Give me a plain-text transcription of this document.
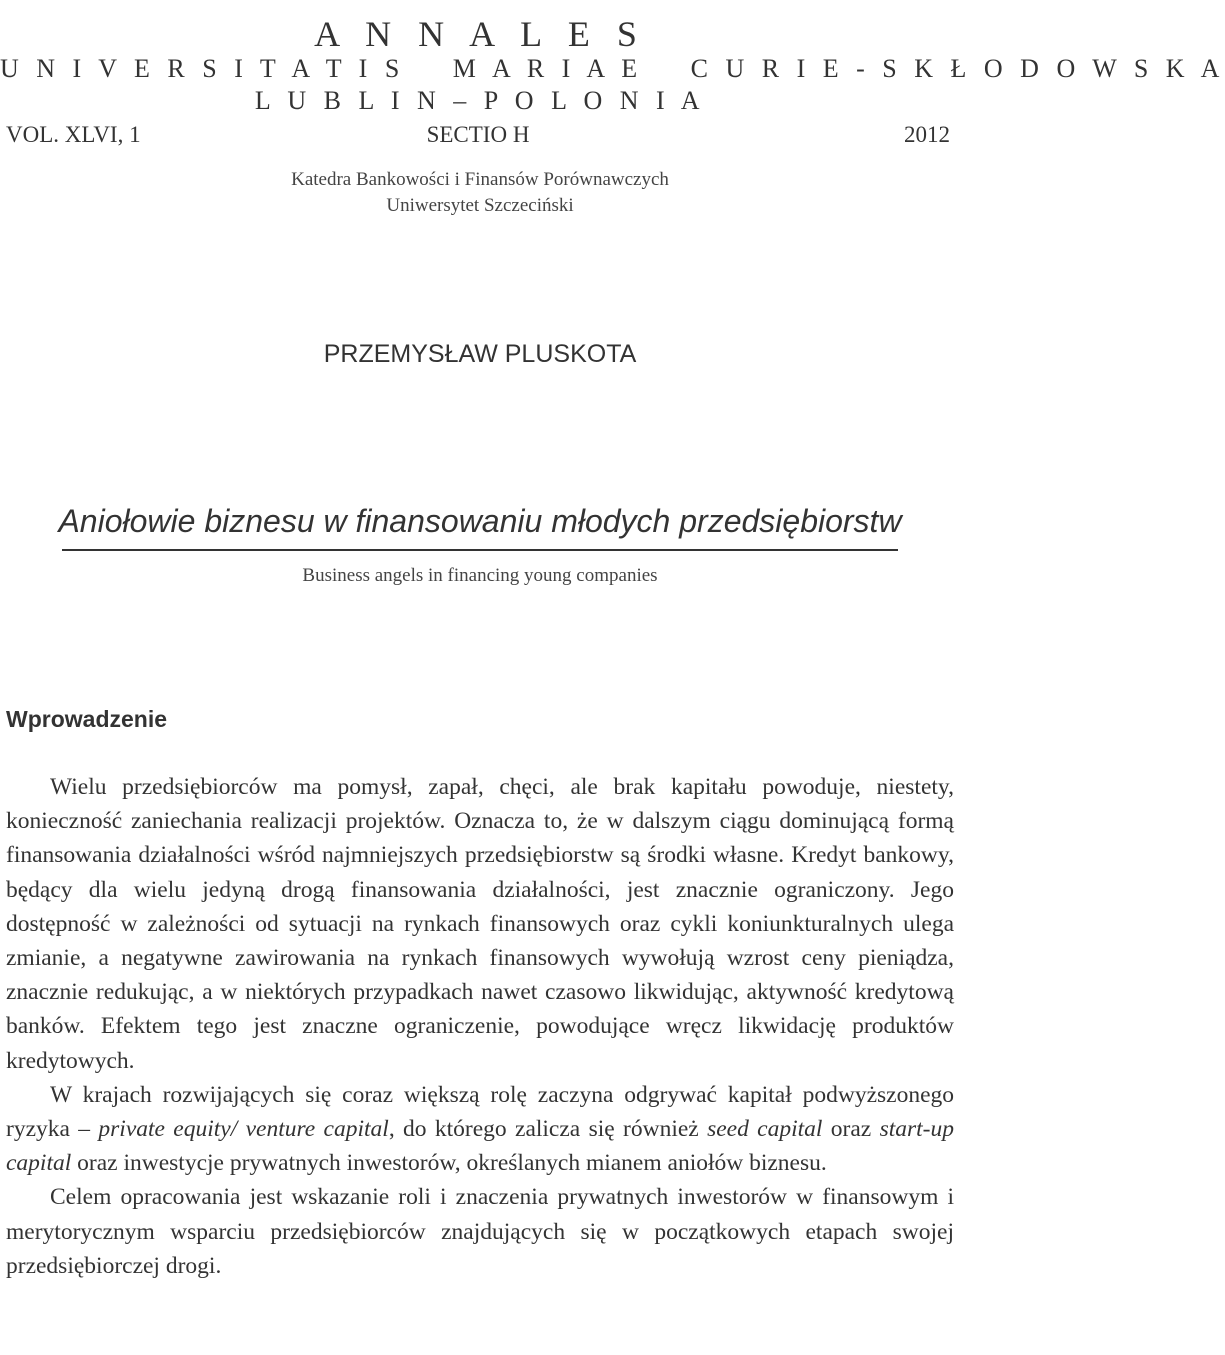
A N N A L E S
U N I V E R S I T A T I S    M A R I A E    C U R I E - S K Ł O D O W S K A
L U B L I N – P O L O N I A
VOL. XLVI, 1	SECTIO H	2012
Katedra Bankowości i Finansów Porównawczych
Uniwersytet Szczeciński
PRZEMYSŁAW PLUSKOTA
Aniołowie biznesu w finansowaniu młodych przedsiębiorstw
Business angels in financing young companies
Wprowadzenie

Wielu przedsiębiorców ma pomysł, zapał, chęci, ale brak kapitału powoduje, niestety, konieczność zaniechania realizacji projektów. Oznacza to, że w dalszym ciągu dominującą formą finansowania działalności wśród najmniejszych przedsiębiorstw są środki własne. Kredyt bankowy, będący dla wielu jedyną drogą finansowania działalności, jest znacznie ograniczony. Jego dostępność w zależności od sytuacji na rynkach finansowych oraz cykli koniunkturalnych ulega zmianie, a negatywne zawirowania na rynkach finansowych wywołują wzrost ceny pieniądza, znacznie redukując, a w niektórych przypadkach nawet czasowo likwidując, aktywność kredytową banków. Efektem tego jest znaczne ograniczenie, powodujące wręcz likwidację produktów kredytowych.

W krajach rozwijających się coraz większą rolę zaczyna odgrywać kapitał podwyższonego ryzyka – private equity/ venture capital, do którego zalicza się również seed capital oraz start-up capital oraz inwestycje prywatnych inwestorów, określanych mianem aniołów biznesu.

Celem opracowania jest wskazanie roli i znaczenia prywatnych inwestorów w finansowym i merytorycznym wsparciu przedsiębiorców znajdujących się w początkowych etapach swojej przedsiębiorczej drogi.
